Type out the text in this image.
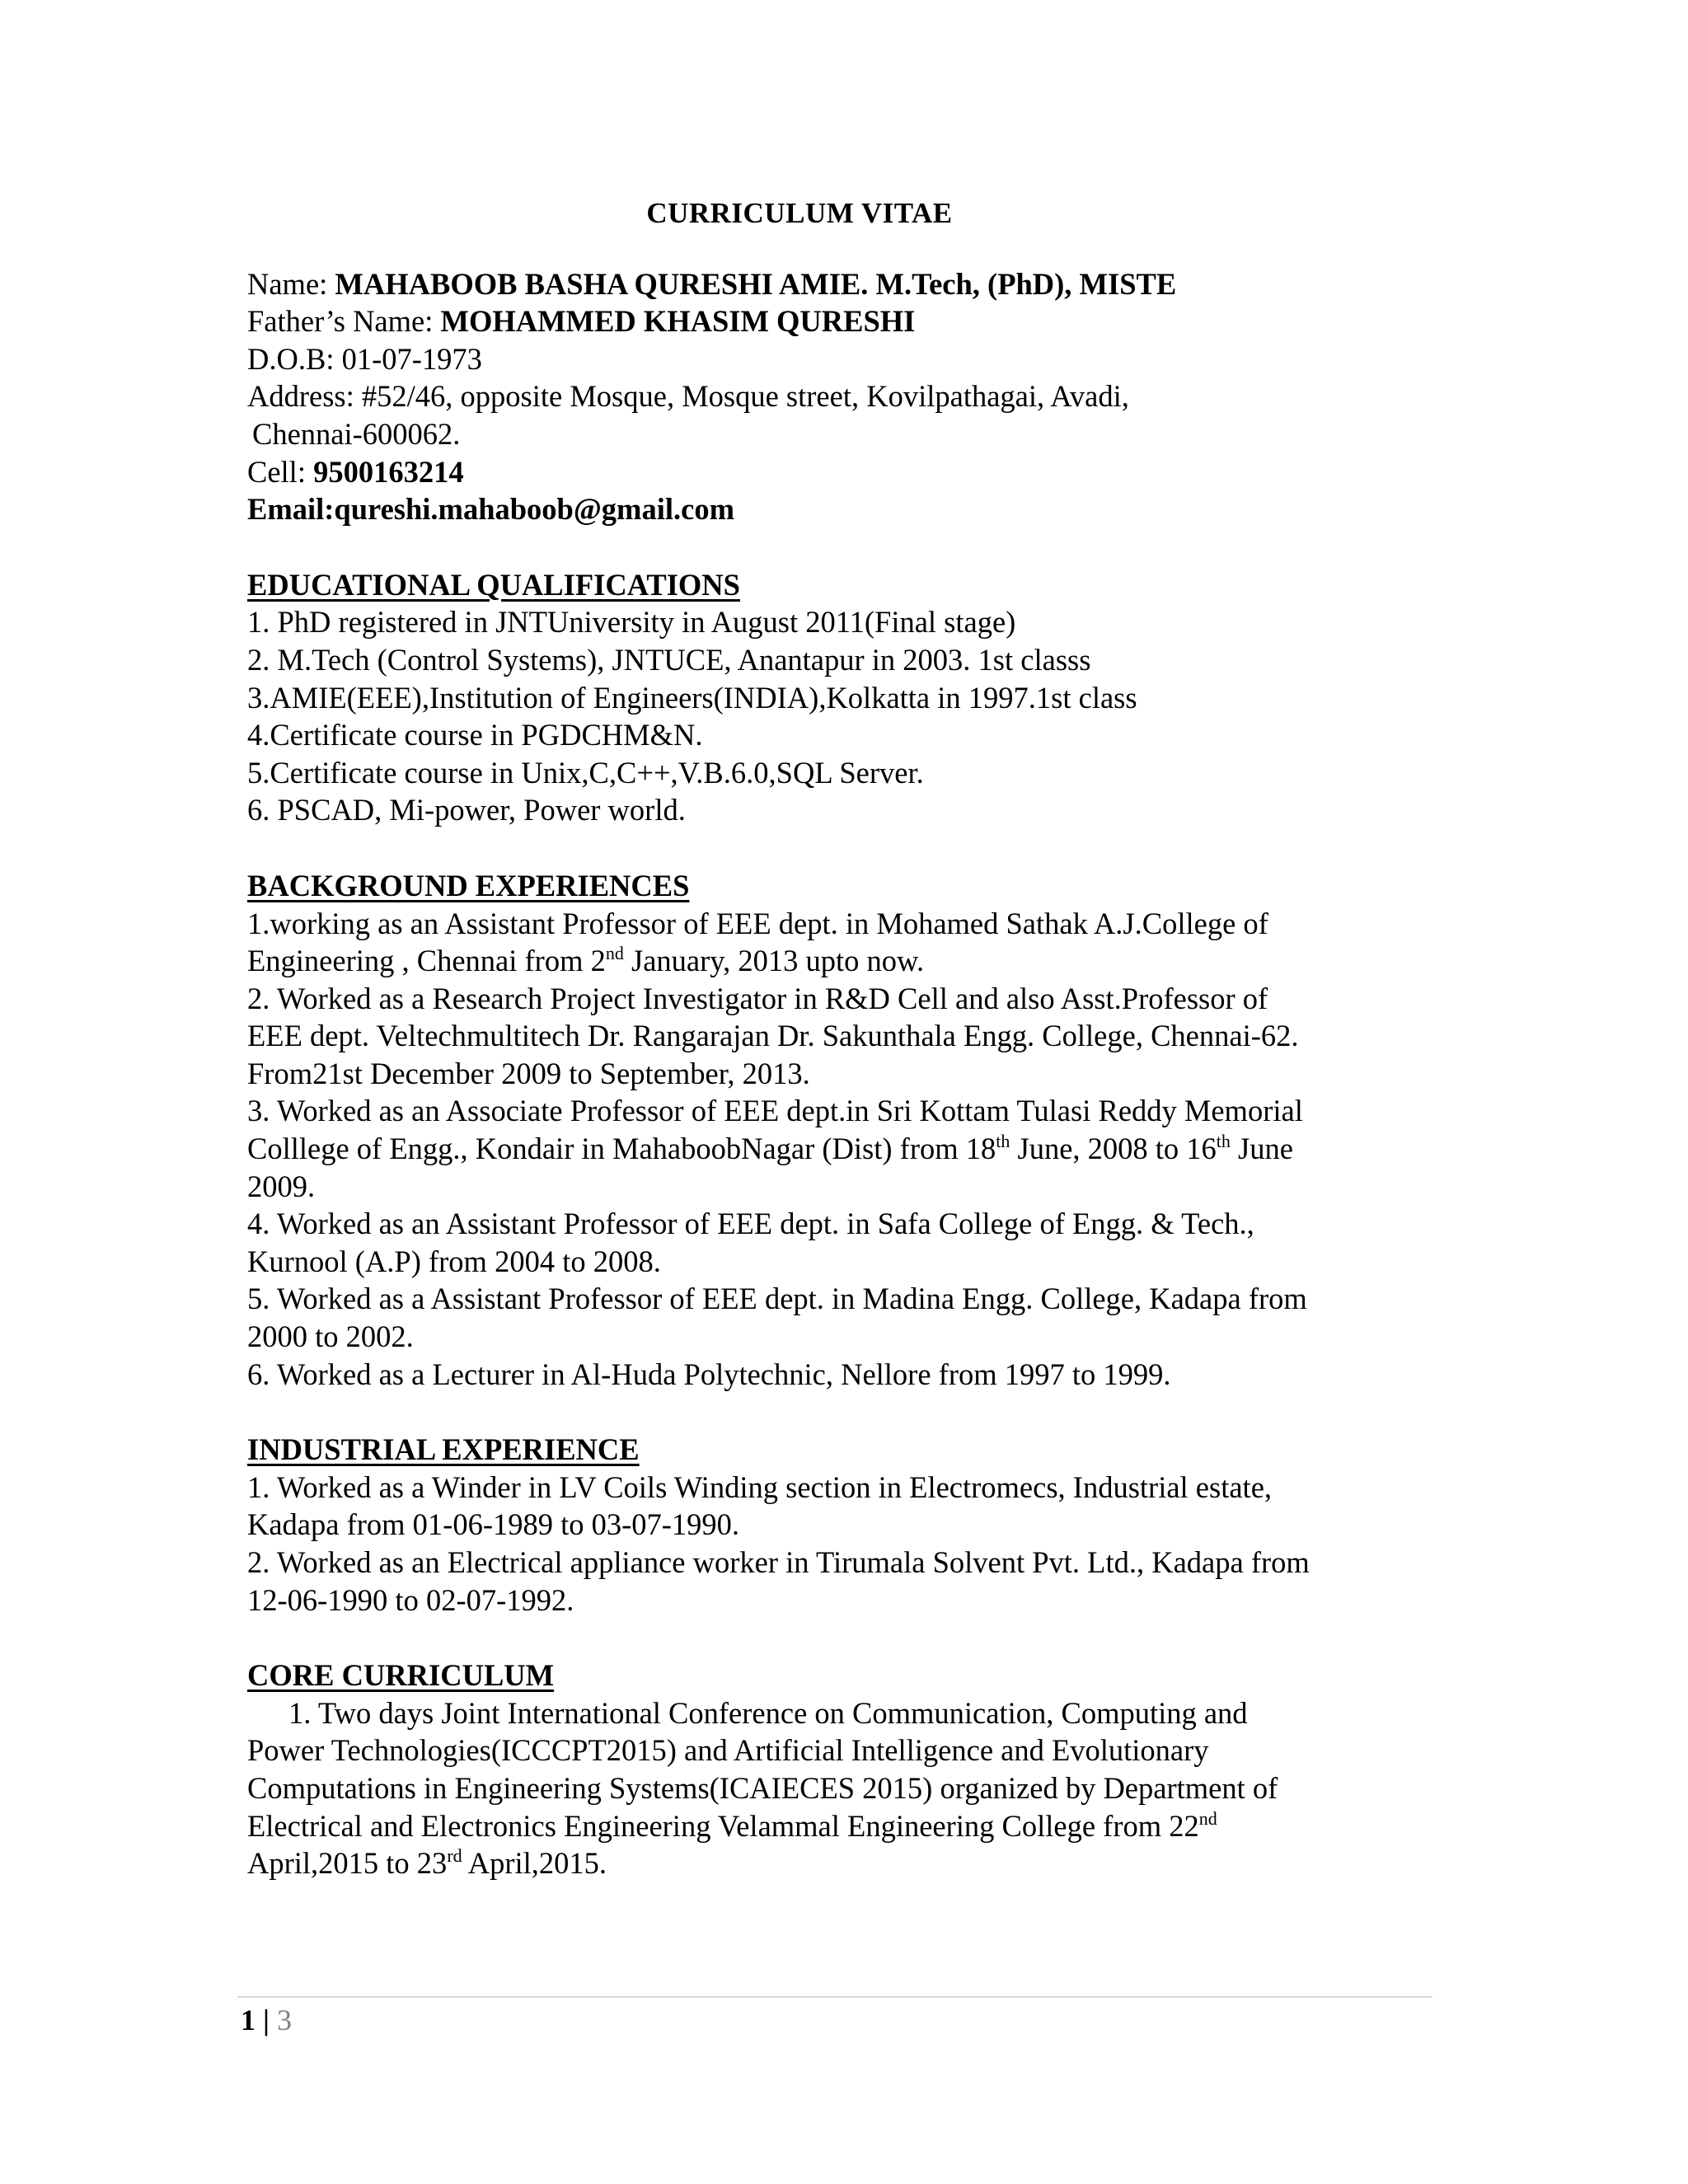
CURRICULUM VITAE
Name: MAHABOOB BASHA QURESHI AMIE. M.Tech, (PhD), MISTE
Father’s Name: MOHAMMED KHASIM QURESHI
D.O.B: 01-07-1973
Address: #52/46, opposite Mosque, Mosque street, Kovilpathagai, Avadi,
Chennai-600062.
Cell: 9500163214
Email:qureshi.mahaboob@gmail.com
EDUCATIONAL QUALIFICATIONS
1. PhD registered in JNTUniversity in August 2011(Final stage)
2. M.Tech (Control Systems), JNTUCE, Anantapur in 2003. 1st classs
3.AMIE(EEE),Institution of Engineers(INDIA),Kolkatta in 1997.1st class
4.Certificate course in PGDCHM&N.
5.Certificate course in Unix,C,C++,V.B.6.0,SQL Server.
6. PSCAD, Mi-power, Power world.
BACKGROUND EXPERIENCES
1.working as an Assistant Professor of EEE dept. in Mohamed Sathak A.J.College of
Engineering , Chennai from 2nd January, 2013 upto now.
2. Worked as a Research Project Investigator in R&D Cell and also Asst.Professor of
EEE dept. Veltechmultitech Dr. Rangarajan Dr. Sakunthala Engg. College, Chennai-62.
From21st December 2009 to September, 2013.
3. Worked as an Associate Professor of EEE dept.in Sri Kottam Tulasi Reddy Memorial
Colllege of Engg., Kondair in MahaboobNagar (Dist) from 18th June, 2008 to 16th June
2009.
4. Worked as an Assistant Professor of EEE dept. in Safa College of Engg. & Tech.,
Kurnool (A.P) from 2004 to 2008.
5. Worked as a Assistant Professor of EEE dept. in Madina Engg. College, Kadapa from
2000 to 2002.
6. Worked as a Lecturer in Al-Huda Polytechnic, Nellore from 1997 to 1999.
INDUSTRIAL EXPERIENCE
1. Worked as a Winder in LV Coils Winding section in Electromecs, Industrial estate,
Kadapa from 01-06-1989 to 03-07-1990.
2. Worked as an Electrical appliance worker in Tirumala Solvent Pvt. Ltd., Kadapa from
12-06-1990 to 02-07-1992.
CORE CURRICULUM
1. Two days Joint International Conference on Communication, Computing and
Power Technologies(ICCCPT2015) and Artificial Intelligence and Evolutionary
Computations in Engineering Systems(ICAIECES 2015) organized by Department of
Electrical and Electronics Engineering Velammal Engineering College from 22nd
April,2015 to 23rd April,2015.
1 | 3
